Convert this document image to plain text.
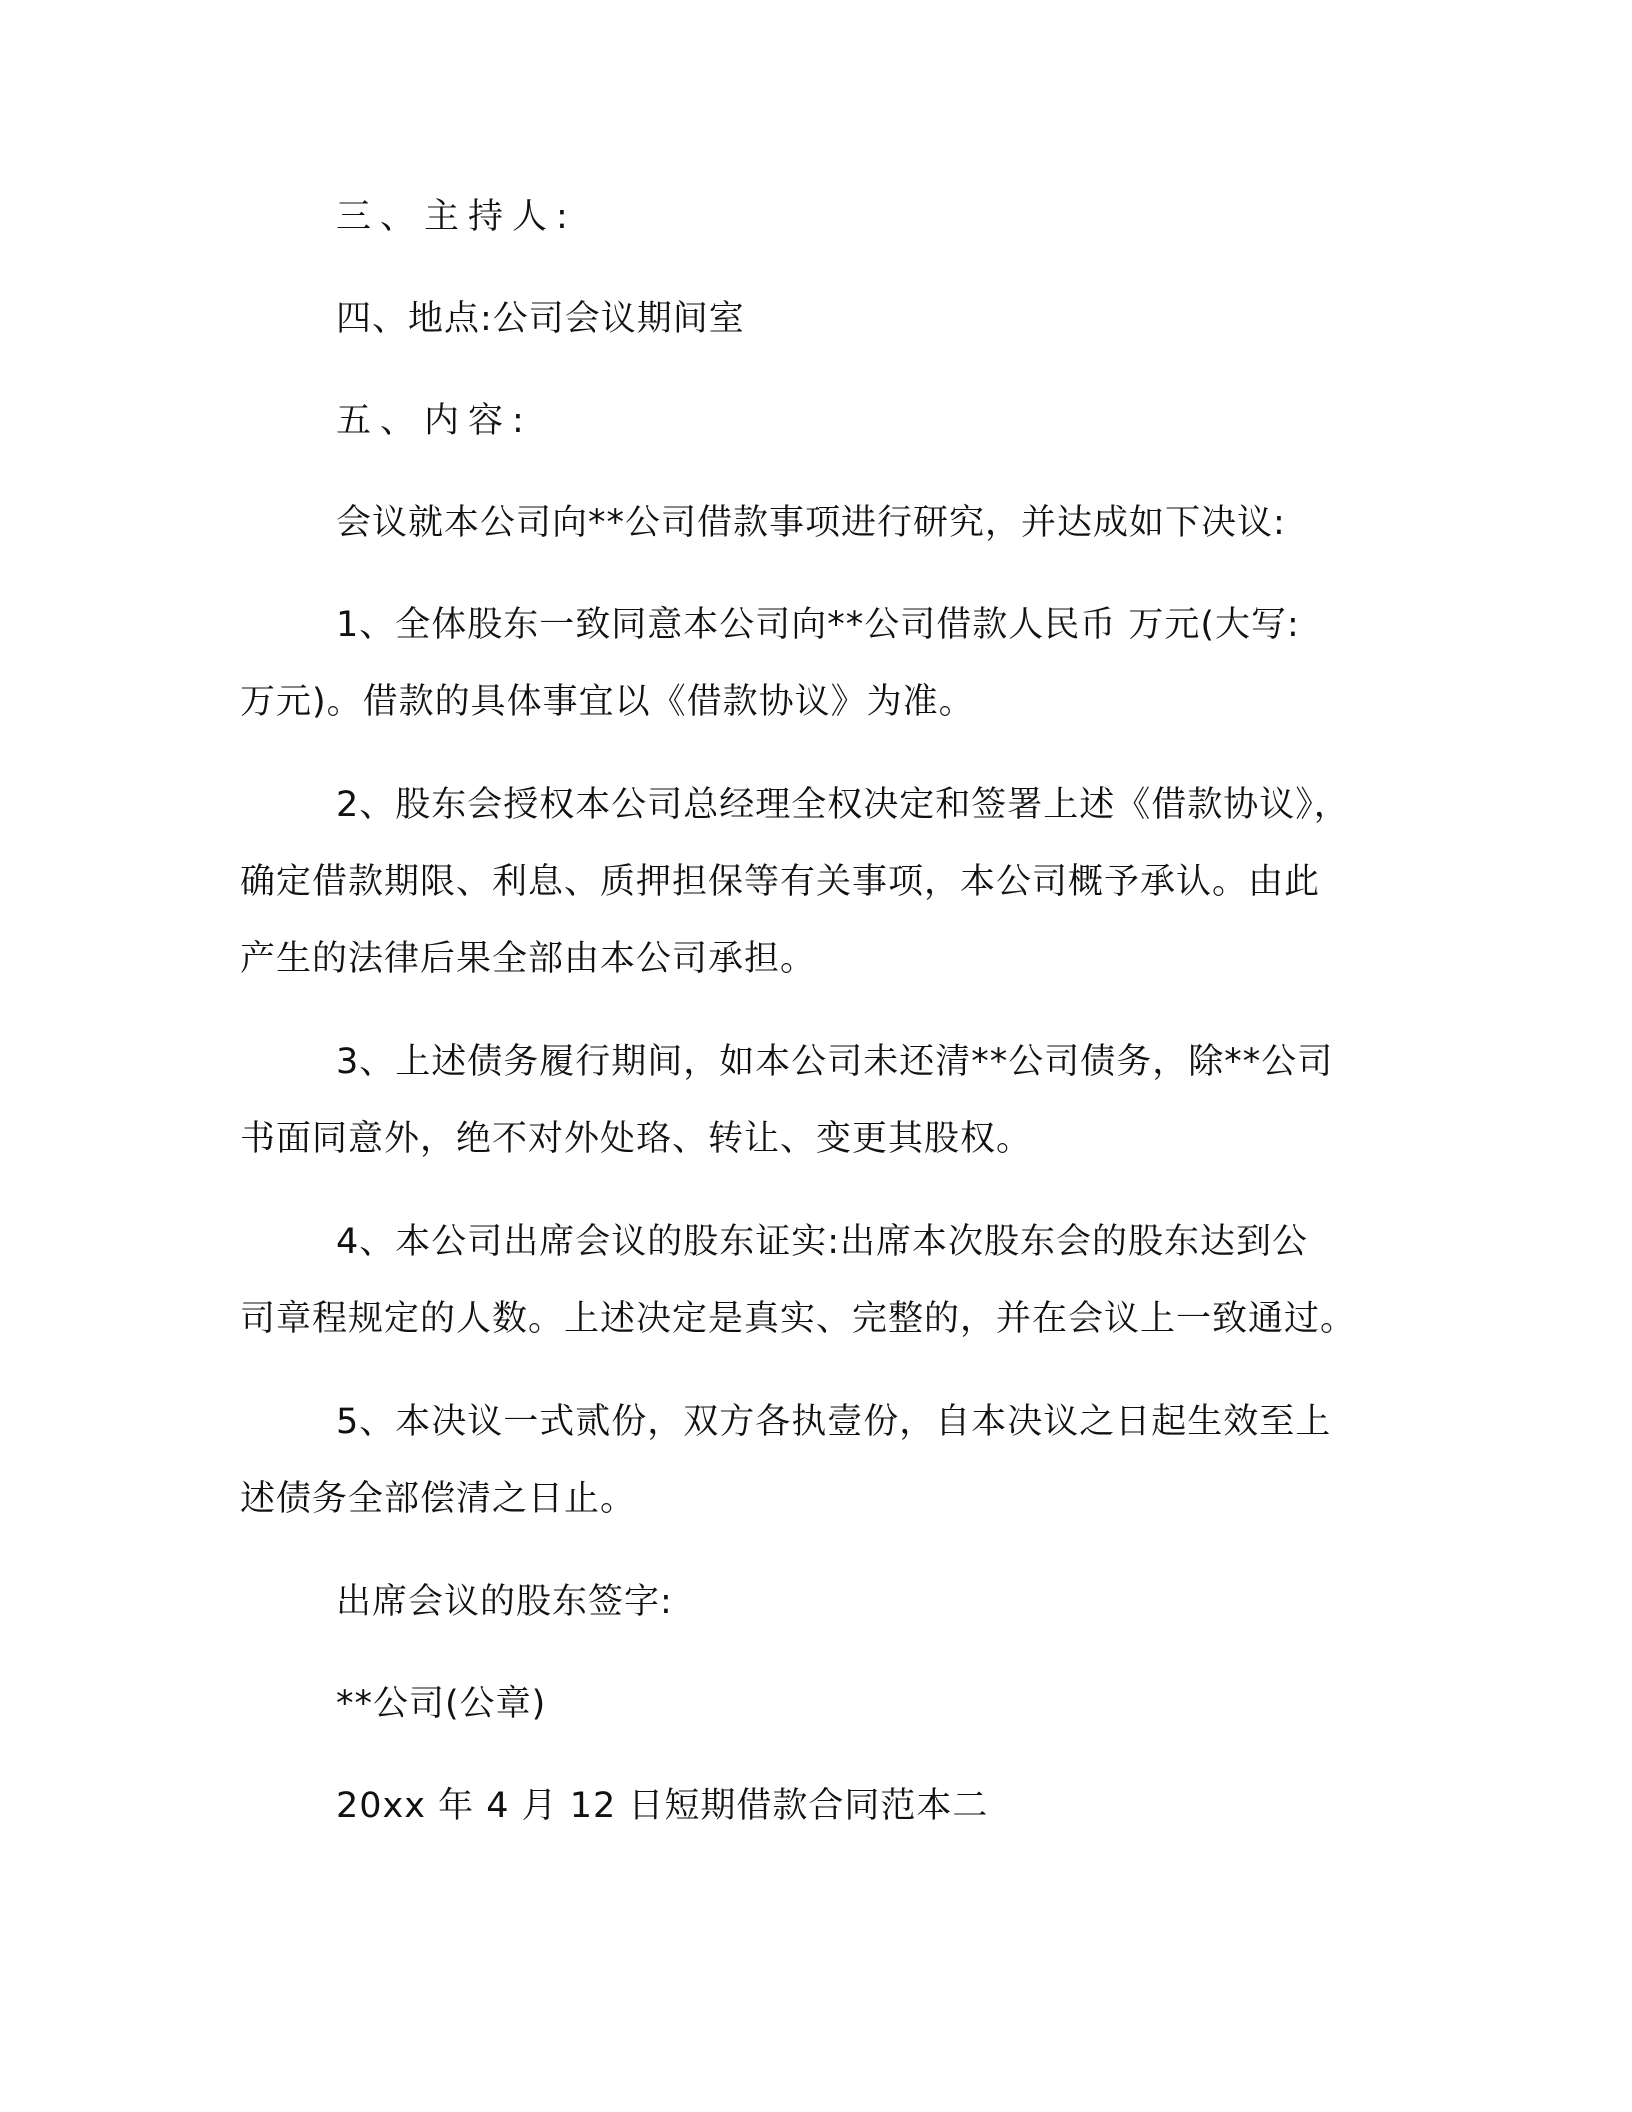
三、主持人:
四、地点:公司会议期间室
五、内容:
会议就本公司向**公司借款事项进行研究，并达成如下决议:
1、全体股东一致同意本公司向**公司借款人民币 万元(大写:
万元)。借款的具体事宜以《借款协议》为准。
2、股东会授权本公司总经理全权决定和签署上述《借款协议》，
确定借款期限、利息、质押担保等有关事项，本公司概予承认。由此
产生的法律后果全部由本公司承担。
3、上述债务履行期间，如本公司未还清**公司债务，除**公司
书面同意外，绝不对外处珞、转让、变更其股权。
4、本公司出席会议的股东证实:出席本次股东会的股东达到公
司章程规定的人数。上述决定是真实、完整的，并在会议上一致通过。
5、本决议一式贰份，双方各执壹份，自本决议之日起生效至上
述债务全部偿清之日止。
出席会议的股东签字:
**公司(公章)
20xx 年 4 月 12 日短期借款合同范本二
